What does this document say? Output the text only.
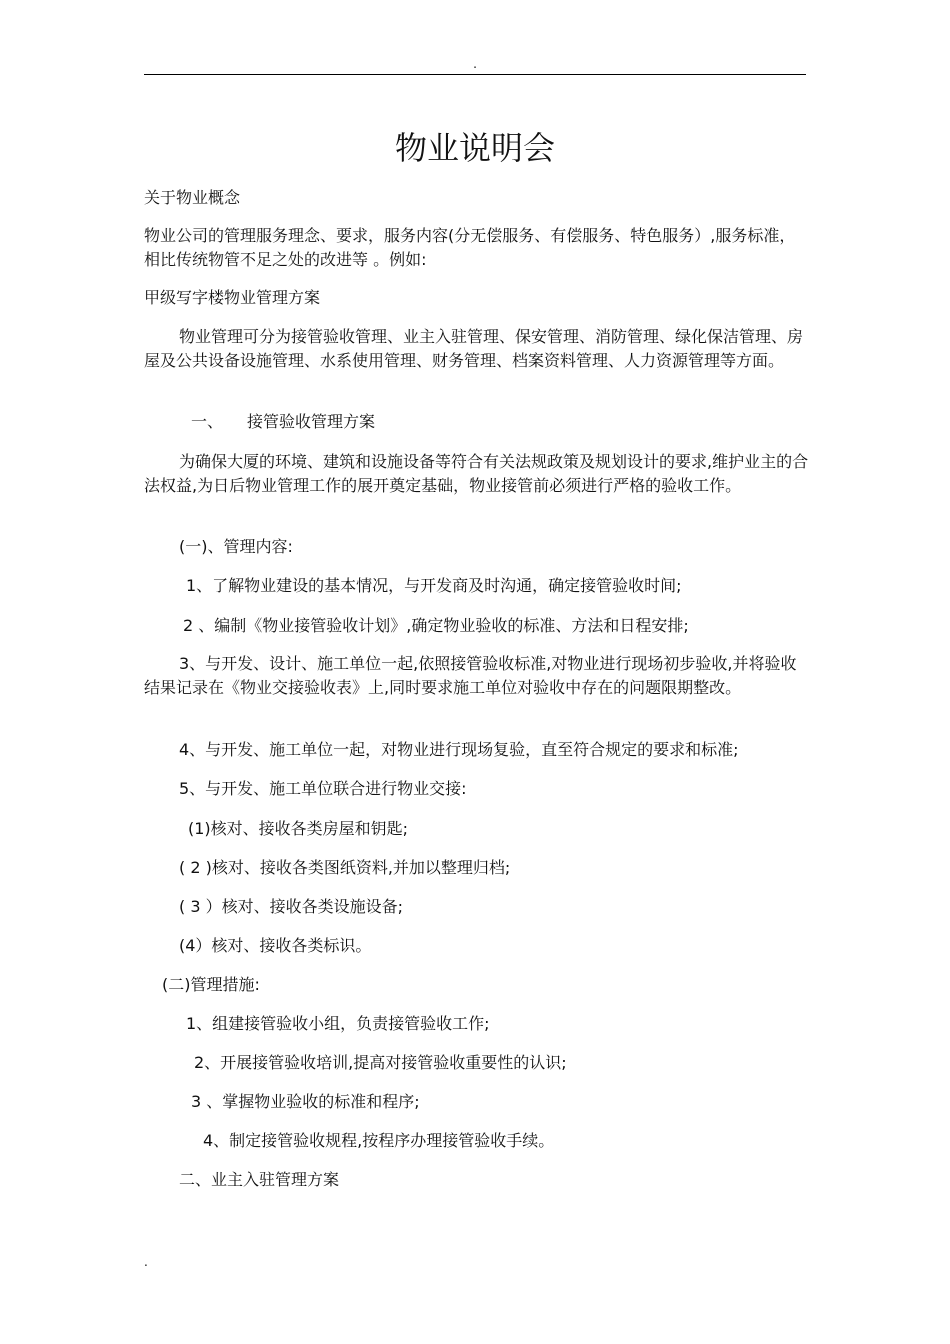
.
物业说明会
关于物业概念
物业公司的管理服务理念、要求，服务内容(分无偿服务、有偿服务、特色服务）,服务标准，相比传统物管不足之处的改进等 。例如:
甲级写字楼物业管理方案
物业管理可分为接管验收管理、业主入驻管理、保安管理、消防管理、绿化保洁管理、房屋及公共设备设施管理、水系使用管理、财务管理、档案资料管理、人力资源管理等方面。
一、　　接管验收管理方案
为确保大厦的环境、建筑和设施设备等符合有关法规政策及规划设计的要求,维护业主的合法权益,为日后物业管理工作的展开奠定基础，物业接管前必须进行严格的验收工作。
(一)、管理内容:
1、了解物业建设的基本情况，与开发商及时沟通，确定接管验收时间;
2 、编制《物业接管验收计划》,确定物业验收的标准、方法和日程安排;
3、与开发、设计、施工单位一起,依照接管验收标准,对物业进行现场初步验收,并将验收结果记录在《物业交接验收表》上,同时要求施工单位对验收中存在的问题限期整改。
4、与开发、施工单位一起，对物业进行现场复验，直至符合规定的要求和标准;
5、与开发、施工单位联合进行物业交接:
(1)核对、接收各类房屋和钥匙;
( 2 )核对、接收各类图纸资料,并加以整理归档;
( 3 ）核对、接收各类设施设备;
(4）核对、接收各类标识。
(二)管理措施:
1、组建接管验收小组，负责接管验收工作;
2、开展接管验收培训,提高对接管验收重要性的认识;
3 、掌握物业验收的标准和程序;
4、制定接管验收规程,按程序办理接管验收手续。
二、业主入驻管理方案
.
